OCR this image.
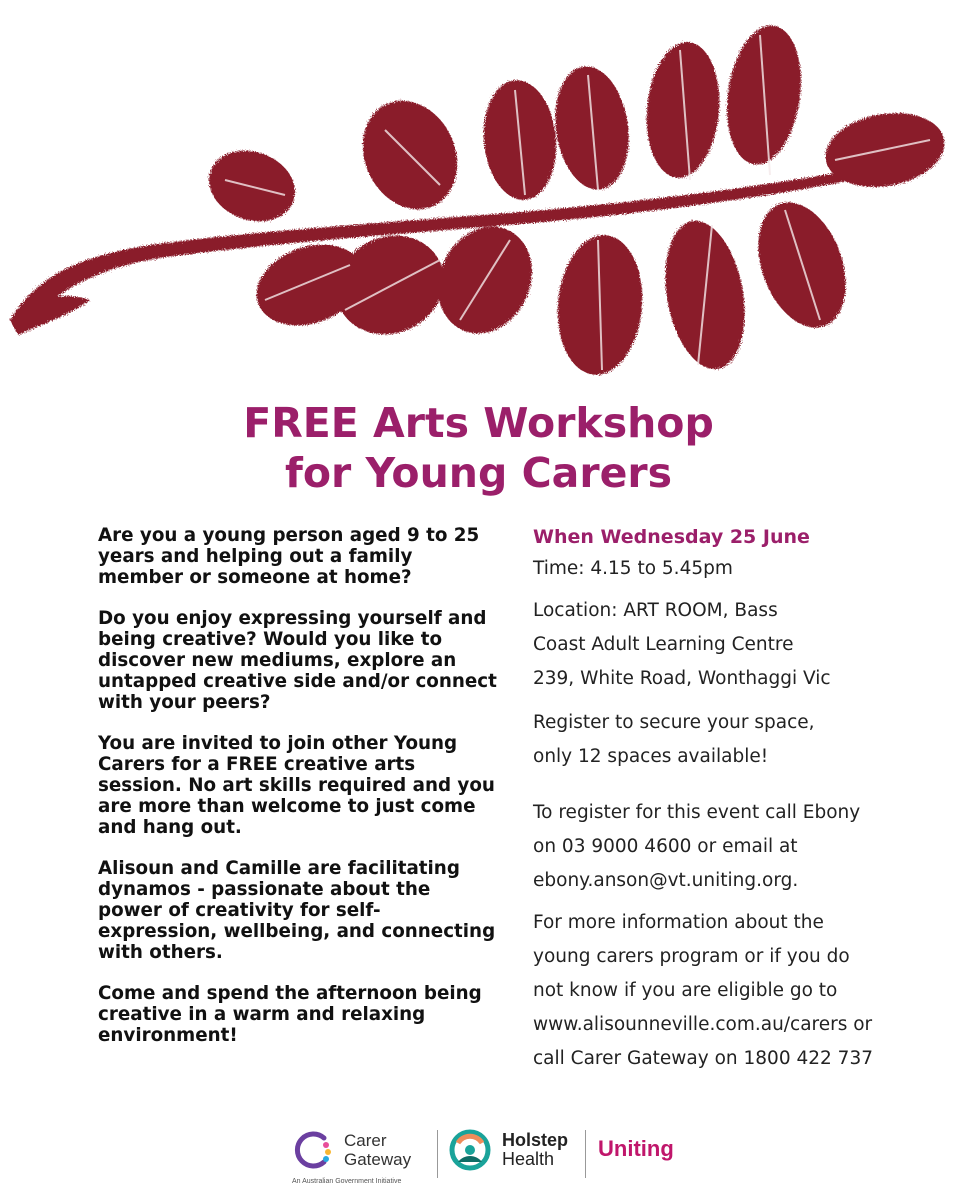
FREE Arts Workshop
for Young Carers

Are you a young person aged 9 to 25 years and helping out a family member or someone at home?

Do you enjoy expressing yourself and being creative? Would you like to discover new mediums, explore an untapped creative side and/or connect with your peers?

You are invited to join other Young Carers for a FREE creative arts session. No art skills required and you are more than welcome to just come and hang out.

Alisoun and Camille are facilitating dynamos - passionate about the power of creativity for self-expression, wellbeing, and connecting with others.

Come and spend the afternoon being creative in a warm and relaxing environment!

When Wednesday 25 June

Time: 4.15 to 5.45pm

Location: ART ROOM, Bass

Coast Adult Learning Centre

239, White Road, Wonthaggi Vic

Register to secure your space,

only 12 spaces available!

To register for this event call Ebony

on 03 9000 4600 or email at

ebony.anson@vt.uniting.org.

For more information about the

young carers program or if you do

not know if you are eligible go to

www.alisounneville.com.au/carers or

call Carer Gateway on 1800 422 737

Carer
Gateway
An Australian Government Initiative
Holstep
Health	Uniting
